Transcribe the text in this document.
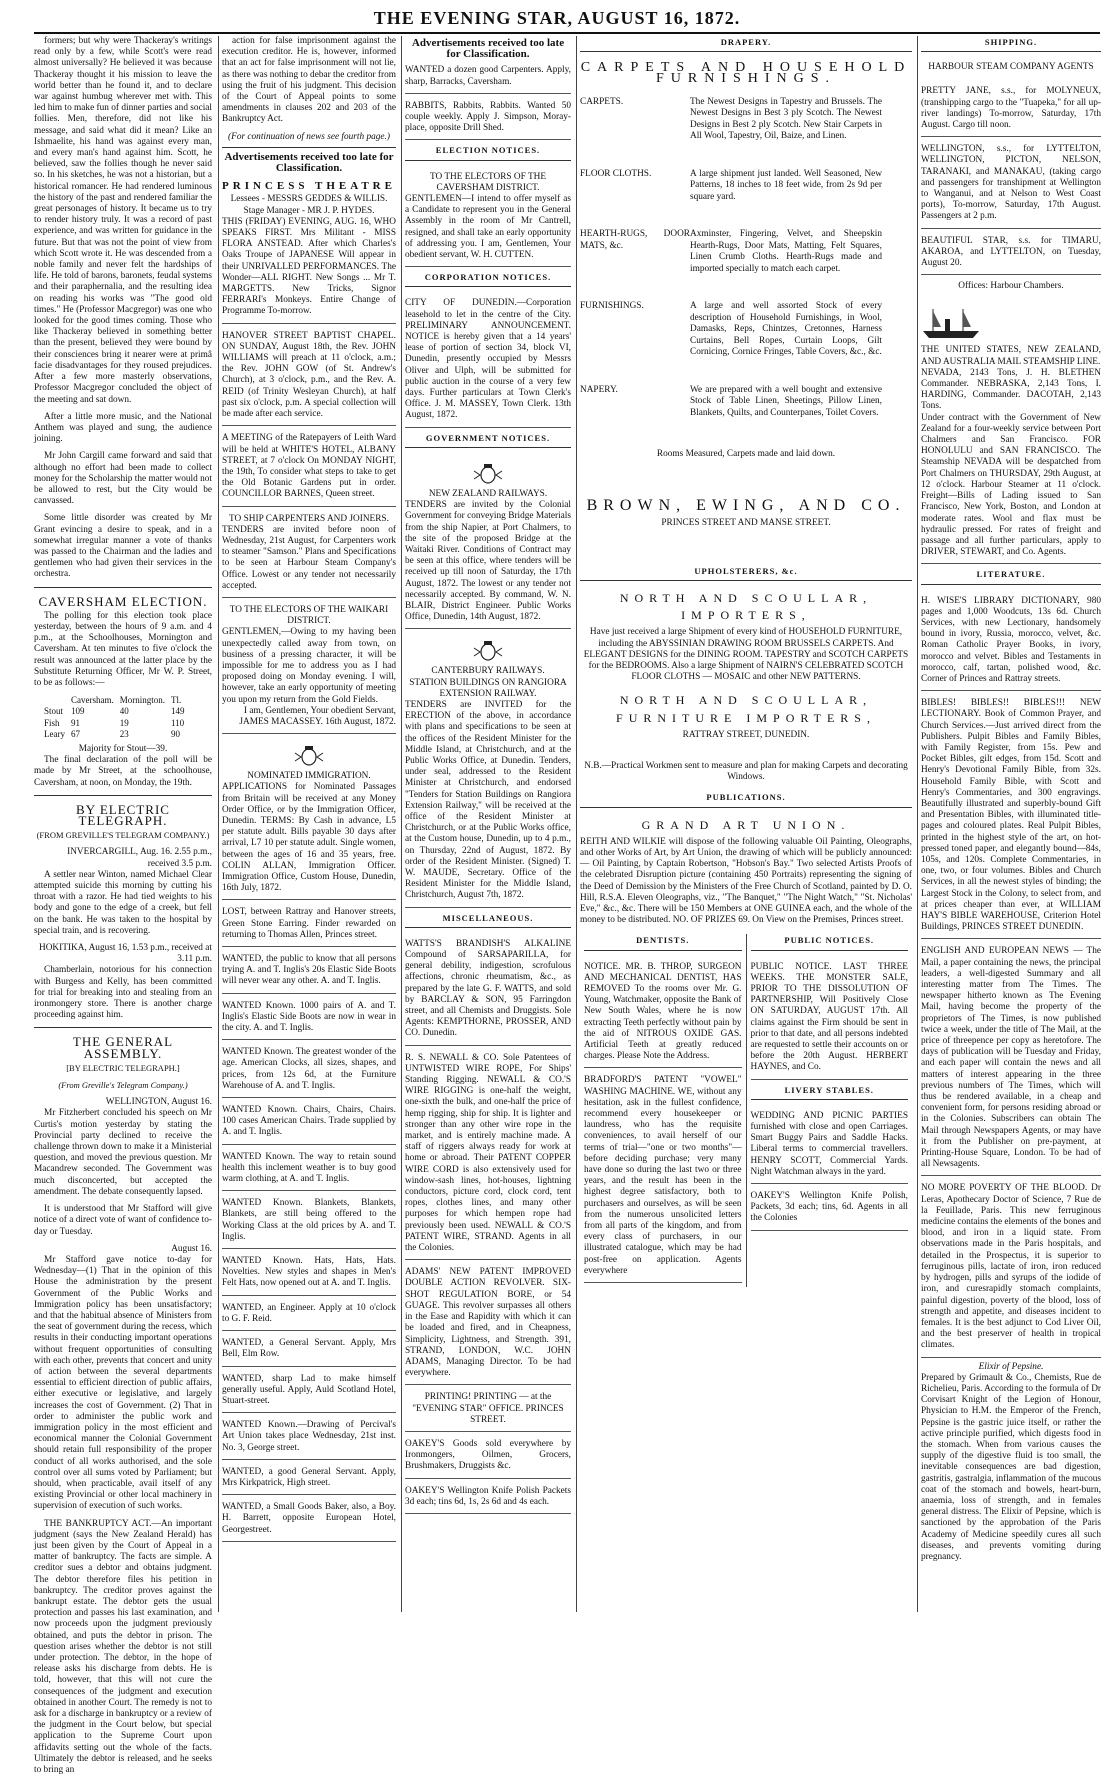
THE EVENING STAR, AUGUST 16, 1872.

formers; but why were Thackeray's writings read only by a few, while Scott's were read almost universally? He believed it was because Thackeray thought it his mission to leave the world better than he found it, and to declare war against humbug wherever met with. This led him to make fun of dinner parties and social follies. Men, therefore, did not like his message, and said what did it mean? Like an Ishmaelite, his hand was against every man, and every man's hand against him. Scott, he believed, saw the follies though he never said so. In his sketches, he was not a historian, but a historical romancer. He had rendered luminous the history of the past and rendered familiar the great personages of history. It became us to try to render history truly. It was a record of past experience, and was written for guidance in the future. But that was not the point of view from which Scott wrote it. He was descended from a noble family and never felt the hardships of life. He told of barons, baronets, feudal systems and their paraphernalia, and the resulting idea on reading his works was "The good old times." He (Professor Macgregor) was one who looked for the good times coming. Those who like Thackeray believed in something better than the present, believed they were bound by their consciences bring it nearer were at primâ facie disadvantages for they roused prejudices. After a few more masterly observations, Professor Macgregor concluded the object of the meeting and sat down.

After a little more music, and the National Anthem was played and sung, the audience joining.

Mr John Cargill came forward and said that although no effort had been made to collect money for the Scholarship the matter would not be allowed to rest, but the City would be canvassed.

Some little disorder was created by Mr Grant evincing a desire to speak, and in a somewhat irregular manner a vote of thanks was passed to the Chairman and the ladies and gentlemen who had given their services in the orchestra.

CAVERSHAM ELECTION.

The polling for this election took place yesterday, between the hours of 9 a.m. and 4 p.m., at the Schoolhouses, Mornington and Caversham. At ten minutes to five o'clock the result was announced at the latter place by the Substitute Returning Officer, Mr W. P. Street, to be as follows:—

	Caversham.	Mornington.	Tl.
Stout	109	40	149
Fish	91	19	110
Leary	67	23	90
Majority for Stout—39.

The final declaration of the poll will be made by Mr Street, at the schoolhouse, Caversham, at noon, on Monday, the 19th.

BY ELECTRIC TELEGRAPH.
(FROM GREVILLE'S TELEGRAM COMPANY.)
INVERCARGILL, Aug. 16. 2.55 p.m., received 3.5 p.m.

A settler near Winton, named Michael Clear attempted suicide this morning by cutting his throat with a razor. He had tied weights to his body and gone to the edge of a creek, but fell on the bank. He was taken to the hospital by special train, and is recovering.

HOKITIKA, August 16, 1.53 p.m., received at 3.11 p.m.

Chamberlain, notorious for his connection with Burgess and Kelly, has been committed for trial for breaking into and stealing from an ironmongery store. There is another charge proceeding against him.

THE GENERAL ASSEMBLY.
[BY ELECTRIC TELEGRAPH.]
(From Greville's Telegram Company.)
WELLINGTON, August 16.

Mr Fitzherbert concluded his speech on Mr Curtis's motion yesterday by stating the Provincial party declined to receive the challenge thrown down to make it a Ministerial question, and moved the previous question. Mr Macandrew seconded. The Government was much disconcerted, but accepted the amendment. The debate consequently lapsed.

It is understood that Mr Stafford will give notice of a direct vote of want of confidence to-day or Tuesday.

August 16.

Mr Stafford gave notice to-day for Wednesday—(1) That in the opinion of this House the administration by the present Government of the Public Works and Immigration policy has been unsatisfactory; and that the habitual absence of Ministers from the seat of government during the recess, which results in their conducting important operations without frequent opportunities of consulting with each other, prevents that concert and unity of action between the several departments essential to efficient direction of public affairs, either executive or legislative, and largely increases the cost of Government. (2) That in order to administer the public work and immigration policy in the most efficient and economical manner the Colonial Government should retain full responsibility of the proper conduct of all works authorised, and the sole control over all sums voted by Parliament; but should, when practicable, avail itself of any existing Provincial or other local machinery in supervision of execution of such works.

THE BANKRUPTCY ACT.—An important judgment (says the New Zealand Herald) has just been given by the Court of Appeal in a matter of bankruptcy. The facts are simple. A creditor sues a debtor and obtains judgment. The debtor therefore files his petition in bankruptcy. The creditor proves against the bankrupt estate. The debtor gets the usual protection and passes his last examination, and now proceeds upon the judgment previously obtained, and puts the debtor in prison. The question arises whether the debtor is not still under protection. The debtor, in the hope of release asks his discharge from debts. He is told, however, that this will not cure the consequences of the judgment and execution obtained in another Court. The remedy is not to ask for a discharge in bankruptcy or a review of the judgment in the Court below, but special application to the Supreme Court upon affidavits setting out the whole of the facts. Ultimately the debtor is released, and he seeks to bring an

action for false imprisonment against the execution creditor. He is, however, informed that an act for false imprisonment will not lie, as there was nothing to debar the creditor from using the fruit of his judgment. This decision of the Court of Appeal points to some amendments in clauses 202 and 203 of the Bankruptcy Act.

(For continuation of news see fourth page.)
Advertisements received too late for Classification.
PRINCESS THEATRE
Lessees - MESSRS GEDDES & WILLIS. Stage Manager - MR J. P. HYDES.
THIS (FRIDAY) EVENING, AUG. 16, WHO SPEAKS FIRST. Mrs Militant - MISS FLORA ANSTEAD. After which Charles's Oaks Troupe of JAPANESE Will appear in their UNRIVALLED PERFORMANCES. The Wonder—ALL RIGHT. New Songs ... Mr T. MARGETTS. New Tricks, Signor FERRARI's Monkeys. Entire Change of Programme To-morrow.
HANOVER STREET BAPTIST CHAPEL. ON SUNDAY, August 18th, the Rev. JOHN WILLIAMS will preach at 11 o'clock, a.m.; the Rev. JOHN GOW (of St. Andrew's Church), at 3 o'clock, p.m., and the Rev. A. REID (of Trinity Wesleyan Church), at half past six o'clock, p.m. A special collection will be made after each service.
A MEETING of the Ratepayers of Leith Ward will be held at WHITE'S HOTEL, ALBANY STREET, at 7 o'clock On MONDAY NIGHT, the 19th, To consider what steps to take to get the Old Botanic Gardens put in order. COUNCILLOR BARNES, Queen street.
TO SHIP CARPENTERS AND JOINERS.
TENDERS are invited before noon of Wednesday, 21st August, for Carpenters work to steamer "Samson." Plans and Specifications to be seen at Harbour Steam Company's Office. Lowest or any tender not necessarily accepted.
TO THE ELECTORS OF THE WAIKARI DISTRICT.
GENTLEMEN,—Owing to my having been unexpectedly called away from town, on business of a pressing character, it will be impossible for me to address you as I had proposed doing on Monday evening. I will, however, take an early opportunity of meeting you upon my return from the Gold Fields.
I am, Gentlemen, Your obedient Servant, JAMES MACASSEY. 16th August, 1872.
NOMINATED IMMIGRATION.
APPLICATIONS for Nominated Passages from Britain will be received at any Money Order Office, or by the Immigration Officer, Dunedin. TERMS: By Cash in advance, L5 per statute adult. Bills payable 30 days after arrival, L7 10 per statute adult. Single women, between the ages of 16 and 35 years, free. COLIN ALLAN, Immigration Officer. Immigration Office, Custom House, Dunedin, 16th July, 1872.
LOST, between Rattray and Hanover streets, Green Stone Earring. Finder rewarded on returning to Thomas Allen, Princes street.
WANTED, the public to know that all persons trying A. and T. Inglis's 20s Elastic Side Boots will never wear any other. A. and T. Inglis.
WANTED Known. 1000 pairs of A. and T. Inglis's Elastic Side Boots are now in wear in the city. A. and T. Inglis.
WANTED Known. The greatest wonder of the age. American Clocks, all sizes, shapes, and prices, from 12s 6d, at the Furniture Warehouse of A. and T. Inglis.
WANTED Known. Chairs, Chairs, Chairs. 100 cases American Chairs. Trade supplied by A. and T. Inglis.
WANTED Known. The way to retain sound health this inclement weather is to buy good warm clothing, at A. and T. Inglis.
WANTED Known. Blankets, Blankets, Blankets, are still being offered to the Working Class at the old prices by A. and T. Inglis.
WANTED Known. Hats, Hats, Hats. Novelties. New styles and shapes in Men's Felt Hats, now opened out at A. and T. Inglis.
WANTED, an Engineer. Apply at 10 o'clock to G. F. Reid.
WANTED, a General Servant. Apply, Mrs Bell, Elm Row.
WANTED, sharp Lad to make himself generally useful. Apply, Auld Scotland Hotel, Stuart-street.
WANTED Known.—Drawing of Percival's Art Union takes place Wednesday, 21st inst. No. 3, George street.
WANTED, a good General Servant. Apply, Mrs Kirkpatrick, High street.
WANTED, a Small Goods Baker, also, a Boy. H. Barrett, opposite European Hotel, Georgestreet.
Advertisements received too late for Classification.
WANTED a dozen good Carpenters. Apply, sharp, Barracks, Caversham.
RABBITS, Rabbits, Rabbits. Wanted 50 couple weekly. Apply J. Simpson, Moray-place, opposite Drill Shed.
ELECTION NOTICES.
TO THE ELECTORS OF THE CAVERSHAM DISTRICT.
GENTLEMEN—I intend to offer myself as a Candidate to represent you in the General Assembly in the room of Mr Cantrell, resigned, and shall take an early opportunity of addressing you. I am, Gentlemen, Your obedient servant, W. H. CUTTEN.
CORPORATION NOTICES.
CITY OF DUNEDIN.—Corporation leasehold to let in the centre of the City. PRELIMINARY ANNOUNCEMENT. NOTICE is hereby given that a 14 years' lease of portion of section 34, block VI, Dunedin, presently occupied by Messrs Oliver and Ulph, will be submitted for public auction in the course of a very few days. Further particulars at Town Clerk's Office. J. M. MASSEY, Town Clerk. 13th August, 1872.
GOVERNMENT NOTICES.
NEW ZEALAND RAILWAYS.
TENDERS are invited by the Colonial Government for conveying Bridge Materials from the ship Napier, at Port Chalmers, to the site of the proposed Bridge at the Waitaki River. Conditions of Contract may be seen at this office, where tenders will be received up till noon of Saturday, the 17th August, 1872. The lowest or any tender not necessarily accepted. By command, W. N. BLAIR, District Engineer. Public Works Office, Dunedin, 14th August, 1872.
CANTERBURY RAILWAYS.
STATION BUILDINGS ON RANGIORA EXTENSION RAILWAY.
TENDERS are INVITED for the ERECTION of the above, in accordance with plans and specifications to be seen at the offices of the Resident Minister for the Middle Island, at Christchurch, and at the Public Works Office, at Dunedin. Tenders, under seal, addressed to the Resident Minister at Christchurch, and endorsed "Tenders for Station Buildings on Rangiora Extension Railway," will be received at the office of the Resident Minister at Christchurch, or at the Public Works office, at the Custom house, Dunedin, up to 4 p.m., on Thursday, 22nd of August, 1872. By order of the Resident Minister. (Signed) T. W. MAUDE, Secretary. Office of the Resident Minister for the Middle Island, Christchurch, August 7th, 1872.
MISCELLANEOUS.
WATTS'S BRANDISH'S ALKALINE Compound of SARSAPARILLA, for general debility, indigestion, scrofulous affections, chronic rheumatism, &c., as prepared by the late G. F. WATTS, and sold by BARCLAY & SON, 95 Farringdon street, and all Chemists and Druggists. Sole Agents: KEMPTHORNE, PROSSER, AND CO. Dunedin.
R. S. NEWALL & CO. Sole Patentees of UNTWISTED WIRE ROPE, For Ships' Standing Rigging. NEWALL & CO.'S WIRE RIGGING is one-half the weight, one-sixth the bulk, and one-half the price of hemp rigging, ship for ship. It is lighter and stronger than any other wire rope in the market, and is entirely machine made. A staff of riggers always ready for work at home or abroad. Their PATENT COPPER WIRE CORD is also extensively used for window-sash lines, hot-houses, lightning conductors, picture cord, clock cord, tent ropes, clothes lines, and many other purposes for which hempen rope had previously been used. NEWALL & CO.'S PATENT WIRE, STRAND. Agents in all the Colonies.
ADAMS' NEW PATENT IMPROVED DOUBLE ACTION REVOLVER. SIX-SHOT REGULATION BORE, or 54 GUAGE. This revolver surpasses all others in the Ease and Rapidity with which it can be loaded and fired, and in Cheapness, Simplicity, Lightness, and Strength. 391, STRAND, LONDON, W.C. JOHN ADAMS, Managing Director. To be had everywhere.
PRINTING! PRINTING — at the "EVENING STAR" OFFICE. PRINCES STREET.
OAKEY'S Goods sold everywhere by Ironmongers, Oilmen, Grocers, Brushmakers, Druggists &c.
OAKEY'S Wellington Knife Polish Packets 3d each; tins 6d, 1s, 2s 6d and 4s each.
DRAPERY.
CARPETS AND HOUSEHOLD FURNISHINGS.
CARPETS.	The Newest Designs in Tapestry and Brussels. The Newest Designs in Best 3 ply Scotch. The Newest Designs in Best 2 ply Scotch. New Stair Carpets in All Wool, Tapestry, Oil, Baize, and Linen.
FLOOR CLOTHS.	A large shipment just landed. Well Seasoned, New Patterns, 18 inches to 18 feet wide, from 2s 9d per square yard.
HEARTH-RUGS, DOOR MATS, &c.
Axminster, Fingering, Velvet, and Sheepskin Hearth-Rugs, Door Mats, Matting, Felt Squares, Linen Crumb Cloths. Hearth-Rugs made and imported specially to match each carpet.
FURNISHINGS.	A large and well assorted Stock of every description of Household Furnishings, in Wool, Damasks, Reps, Chintzes, Cretonnes, Harness Curtains, Bell Ropes, Curtain Loops, Gilt Cornicing, Cornice Fringes, Table Covers, &c., &c.
NAPERY.	We are prepared with a well bought and extensive Stock of Table Linen, Sheetings, Pillow Linen, Blankets, Quilts, and Counterpanes, Toilet Covers.
Rooms Measured, Carpets made and laid down.
BROWN, EWING, AND CO.
PRINCES STREET AND MANSE STREET.
UPHOLSTERERS, &c.
NORTH AND SCOULLAR,
IMPORTERS,
Have just received a large Shipment of every kind of HOUSEHOLD FURNITURE, including the ABYSSINIAN DRAWING ROOM BRUSSELS CARPETS. And ELEGANT DESIGNS for the DINING ROOM. TAPESTRY and SCOTCH CARPETS for the BEDROOMS. Also a large Shipment of NAIRN'S CELEBRATED SCOTCH FLOOR CLOTHS — MOSAIC and other NEW PATTERNS.
NORTH AND SCOULLAR,
FURNITURE IMPORTERS,
RATTRAY STREET, DUNEDIN.
N.B.—Practical Workmen sent to measure and plan for making Carpets and decorating Windows.
PUBLICATIONS.
GRAND ART UNION.
REITH AND WILKIE will dispose of the following valuable Oil Painting, Oleographs, and other Works of Art, by Art Union, the drawing of which will be publicly announced:— Oil Painting, by Captain Robertson, "Hobson's Bay." Two selected Artists Proofs of the celebrated Disruption picture (containing 450 Portraits) representing the signing of the Deed of Demission by the Ministers of the Free Church of Scotland, painted by D. O. Hill, R.S.A. Eleven Oleographs, viz., "The Banquet," "The Night Watch," "St. Nicholas' Eve," &c., &c. There will be 150 Members at ONE GUINEA each, and the whole of the money to be distributed. NO. OF PRIZES 69. On View on the Premises, Princes street.
DENTISTS.
NOTICE. MR. B. THROP, SURGEON AND MECHANICAL DENTIST, HAS REMOVED To the rooms over Mr. G. Young, Watchmaker, opposite the Bank of New South Wales, where he is now extracting Teeth perfectly without pain by the aid of NITROUS OXIDE GAS. Artificial Teeth at greatly reduced charges. Please Note the Address.
BRADFORD'S PATENT "VOWEL" WASHING MACHINE. WE, without any hesitation, ask in the fullest confidence, recommend every housekeeper or laundress, who has the requisite conveniences, to avail herself of our terms of trial—"one or two months"—before deciding purchase; very many have done so during the last two or three years, and the result has been in the highest degree satisfactory, both to purchasers and ourselves, as will be seen from the numerous unsolicited letters from all parts of the kingdom, and from every class of purchasers, in our illustrated catalogue, which may be had post-free on application. Agents everywhere
PUBLIC NOTICES.
PUBLIC NOTICE. LAST THREE WEEKS. THE MONSTER SALE, PRIOR TO THE DISSOLUTION OF PARTNERSHIP, Will Positively Close ON SATURDAY, AUGUST 17th. All claims against the Firm should be sent in prior to that date, and all persons indebted are requested to settle their accounts on or before the 20th August. HERBERT HAYNES, and Co.
LIVERY STABLES.
WEDDING AND PICNIC PARTIES furnished with close and open Carriages. Smart Buggy Pairs and Saddle Hacks. Liberal terms to commercial travellers. HENRY SCOTT, Commercial Yards. Night Watchman always in the yard.
OAKEY'S Wellington Knife Polish, Packets, 3d each; tins, 6d. Agents in all the Colonies
SHIPPING.
HARBOUR STEAM COMPANY AGENTS
PRETTY JANE, s.s., for MOLYNEUX, (transhipping cargo to the "Tuapeka," for all up-river landings) To-morrow, Saturday, 17th August. Cargo till noon.
WELLINGTON, s.s., for LYTTELTON, WELLINGTON, PICTON, NELSON, TARANAKI, and MANAKAU, (taking cargo and passengers for transhipment at Wellington to Wanganui, and at Nelson to West Coast ports), To-morrow, Saturday, 17th August. Passengers at 2 p.m.
BEAUTIFUL STAR, s.s. for TIMARU, AKAROA, and LYTTELTON, on Tuesday, August 20.
Offices: Harbour Chambers.
THE UNITED STATES, NEW ZEALAND, AND AUSTRALIA MAIL STEAMSHIP LINE.
NEVADA, 2143 Tons, J. H. BLETHEN Commander. NEBRASKA, 2,143 Tons, I. HARDING, Commander. DACOTAH, 2,143 Tons.
Under contract with the Government of New Zealand for a four-weekly service between Port Chalmers and San Francisco. FOR HONOLULU and SAN FRANCISCO. The Steamship NEVADA will be despatched from Port Chalmers on THURSDAY, 29th August, at 12 o'clock. Harbour Steamer at 11 o'clock. Freight—Bills of Lading issued to San Francisco, New York, Boston, and London at moderate rates. Wool and flax must be hydraulic pressed. For rates of freight and passage and all further particulars, apply to DRIVER, STEWART, and Co. Agents.
LITERATURE.
H. WISE'S LIBRARY DICTIONARY, 980 pages and 1,000 Woodcuts, 13s 6d. Church Services, with new Lectionary, handsomely bound in ivory, Russia, morocco, velvet, &c. Roman Catholic Prayer Books, in ivory, morocco and velvet. Bibles and Testaments in morocco, calf, tartan, polished wood, &c. Corner of Princes and Rattray streets.
BIBLES! BIBLES!! BIBLES!!! NEW LECTIONARY. Book of Common Prayer, and Church Services.—Just arrived direct from the Publishers. Pulpit Bibles and Family Bibles, with Family Register, from 15s. Pew and Pocket Bibles, gilt edges, from 15d. Scott and Henry's Devotional Family Bible, from 32s. Household Family Bible, with Scott and Henry's Commentaries, and 300 engravings. Beautifully illustrated and superbly-bound Gift and Presentation Bibles, with illuminated title-pages and coloured plates. Real Pulpit Bibles, printed in the highest style of the art, on hot-pressed toned paper, and elegantly bound—84s, 105s, and 120s. Complete Commentaries, in one, two, or four volumes. Bibles and Church Services, in all the newest styles of binding; the Largest Stock in the Colony, to select from, and at prices cheaper than ever, at WILLIAM HAY'S BIBLE WAREHOUSE, Criterion Hotel Buildings, PRINCES STREET DUNEDIN.
ENGLISH AND EUROPEAN NEWS — The Mail, a paper containing the news, the principal leaders, a well-digested Summary and all interesting matter from The Times. The newspaper hitherto known as The Evening Mail, having become the property of the proprietors of The Times, is now published twice a week, under the title of The Mail, at the price of threepence per copy as heretofore. The days of publication will be Tuesday and Friday, and each paper will contain the news and all matters of interest appearing in the three previous numbers of The Times, which will thus be rendered available, in a cheap and convenient form, for persons residing abroad or in the Colonies. Subscribers can obtain The Mail through Newspapers Agents, or may have it from the Publisher on pre-payment, at Printing-House Square, London. To be had of all Newsagents.
NO MORE POVERTY OF THE BLOOD. Dr Leras, Apothecary Doctor of Science, 7 Rue de la Feuillade, Paris. This new ferruginous medicine contains the elements of the bones and blood, and iron in a liquid state. From observations made in the Paris hospitals, and detailed in the Prospectus, it is superior to ferruginous pills, lactate of iron, iron reduced by hydrogen, pills and syrups of the iodide of iron, and curesrapidly stomach complaints, painful digestion, poverty of the blood, loss of strength and appetite, and diseases incident to females. It is the best adjunct to Cod Liver Oil, and the best preserver of health in tropical climates.
Elixir of Pepsine.
Prepared by Grimault & Co., Chemists, Rue de Richelieu, Paris. According to the formula of Dr Corvisart Knight of the Legion of Honour, Physician to H.M. the Emperor of the French, Pepsine is the gastric juice itself, or rather the active principle purified, which digests food in the stomach. When from various causes the supply of the digestive fluid is too small, the inevitable consequences are bad digestion, gastritis, gastralgia, inflammation of the mucous coat of the stomach and bowels, heart-burn, anaemia, loss of strength, and in females general distress. The Elixir of Pepsine, which is sanctioned by the approbation of the Paris Academy of Medicine speedily cures all such diseases, and prevents vomiting during pregnancy.
